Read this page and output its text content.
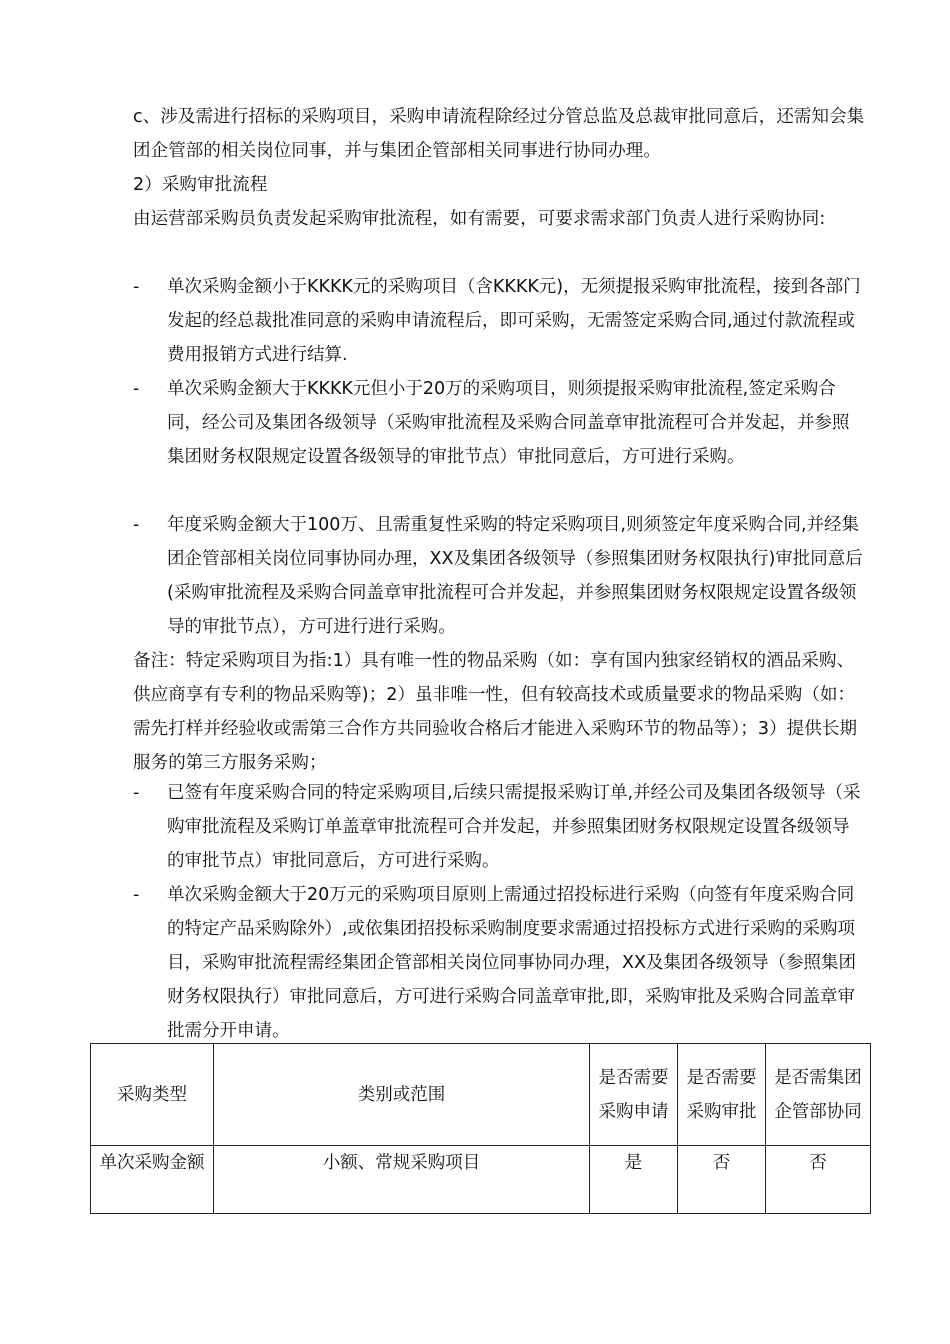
c、涉及需进行招标的采购项目，采购申请流程除经过分管总监及总裁审批同意后，还需知会集团企管部的相关岗位同事，并与集团企管部相关同事进行协同办理。

2）采购审批流程

由运营部采购员负责发起采购审批流程，如有需要，可要求需求部门负责人进行采购协同:

- 单次采购金额小于KKKK元的采购项目（含KKKK元)，无须提报采购审批流程，接到各部门发起的经总裁批准同意的采购申请流程后，即可采购，无需签定采购合同,通过付款流程或费用报销方式进行结算.
- 单次采购金额大于KKKK元但小于20万的采购项目，则须提报采购审批流程,签定采购合同，经公司及集团各级领导（采购审批流程及采购合同盖章审批流程可合并发起，并参照集团财务权限规定设置各级领导的审批节点）审批同意后，方可进行采购。
- 年度采购金额大于100万、且需重复性采购的特定采购项目,则须签定年度采购合同,并经集团企管部相关岗位同事协同办理，XX及集团各级领导（参照集团财务权限执行)审批同意后(采购审批流程及采购合同盖章审批流程可合并发起，并参照集团财务权限规定设置各级领导的审批节点），方可进行进行采购。

备注：特定采购项目为指:1）具有唯一性的物品采购（如：享有国内独家经销权的酒品采购、供应商享有专利的物品采购等)；2）虽非唯一性，但有较高技术或质量要求的物品采购（如：需先打样并经验收或需第三合作方共同验收合格后才能进入采购环节的物品等）；3）提供长期服务的第三方服务采购；

- 已签有年度采购合同的特定采购项目,后续只需提报采购订单,并经公司及集团各级领导（采购审批流程及采购订单盖章审批流程可合并发起，并参照集团财务权限规定设置各级领导的审批节点）审批同意后，方可进行采购。
- 单次采购金额大于20万元的采购项目原则上需通过招投标进行采购（向签有年度采购合同的特定产品采购除外）,或依集团招投标采购制度要求需通过招投标方式进行采购的采购项目，采购审批流程需经集团企管部相关岗位同事协同办理，XX及集团各级领导（参照集团财务权限执行）审批同意后，方可进行采购合同盖章审批,即，采购审批及采购合同盖章审批需分开申请。
采购类型	类别或范围	是否需要采购申请	是否需要采购审批	是否需集团企管部协同
单次采购金额	小额、常规采购项目	是	否	否
